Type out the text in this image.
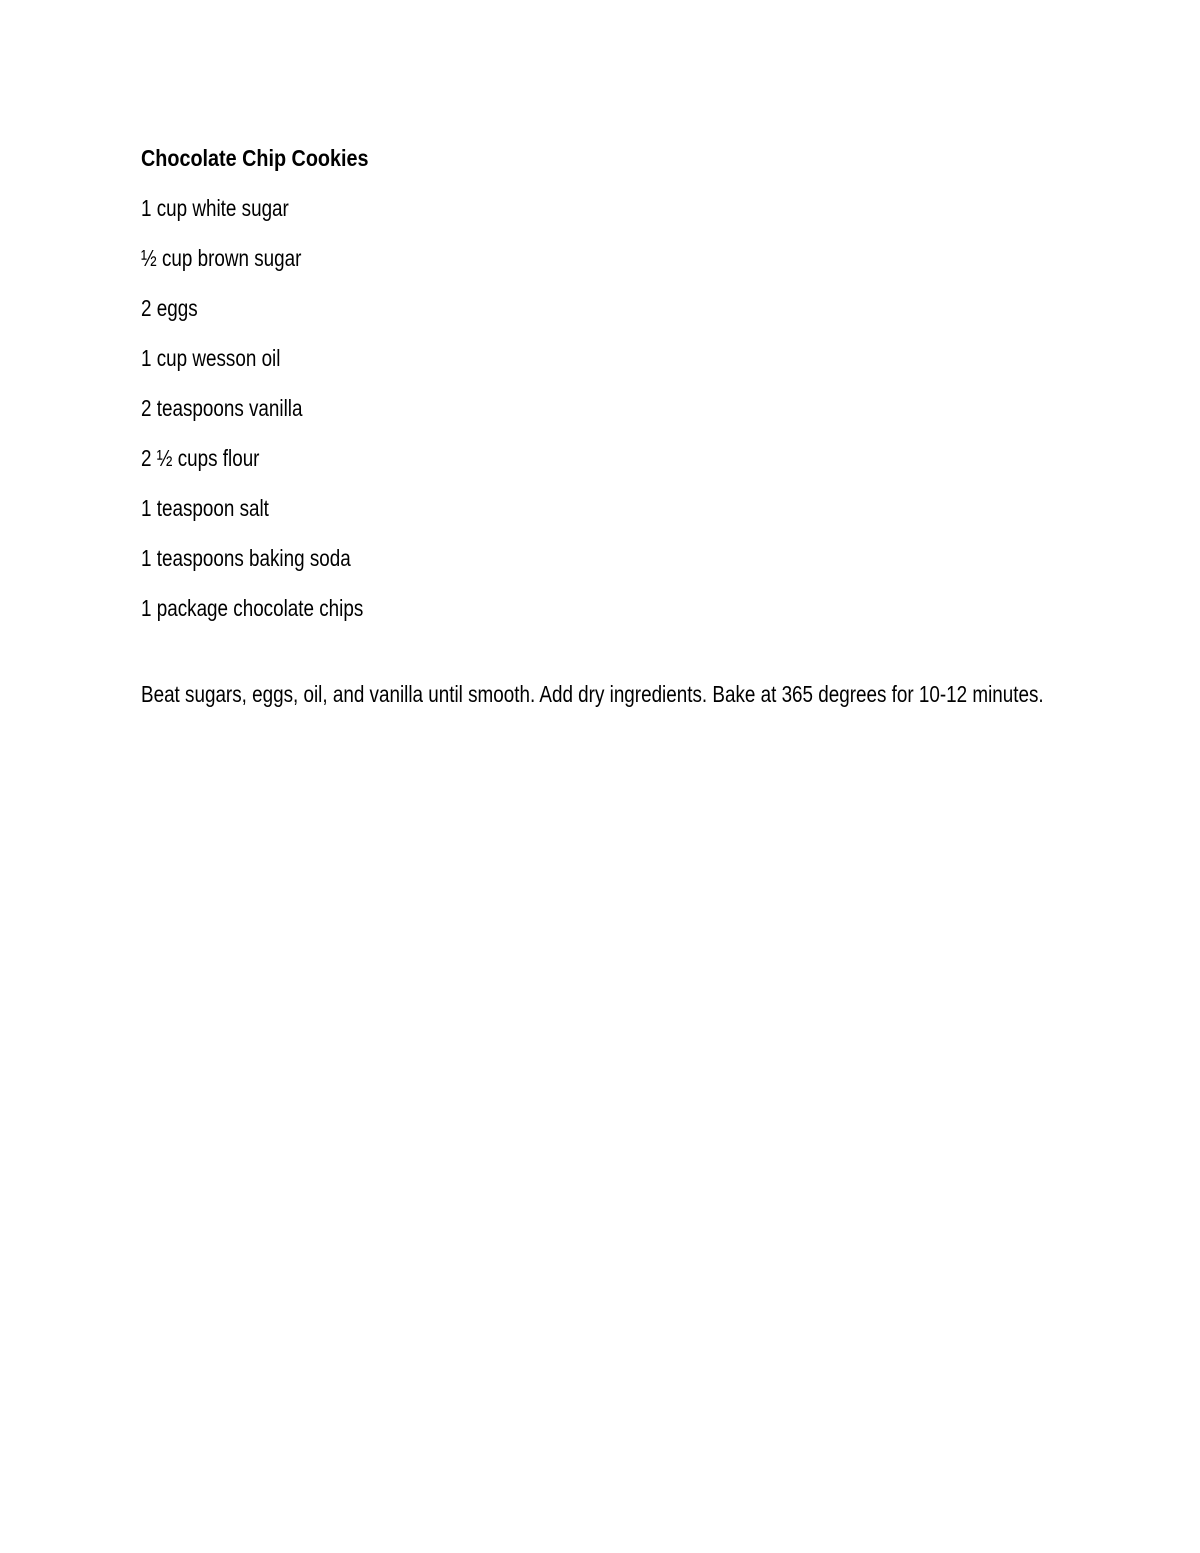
Chocolate Chip Cookies
1 cup white sugar
½ cup brown sugar
2 eggs
1 cup wesson oil
2 teaspoons vanilla
2 ½ cups flour
1 teaspoon salt
1 teaspoons baking soda
1 package chocolate chips

Beat sugars, eggs, oil, and vanilla until smooth. Add dry ingredients. Bake at 365 degrees for 10-12 minutes.
